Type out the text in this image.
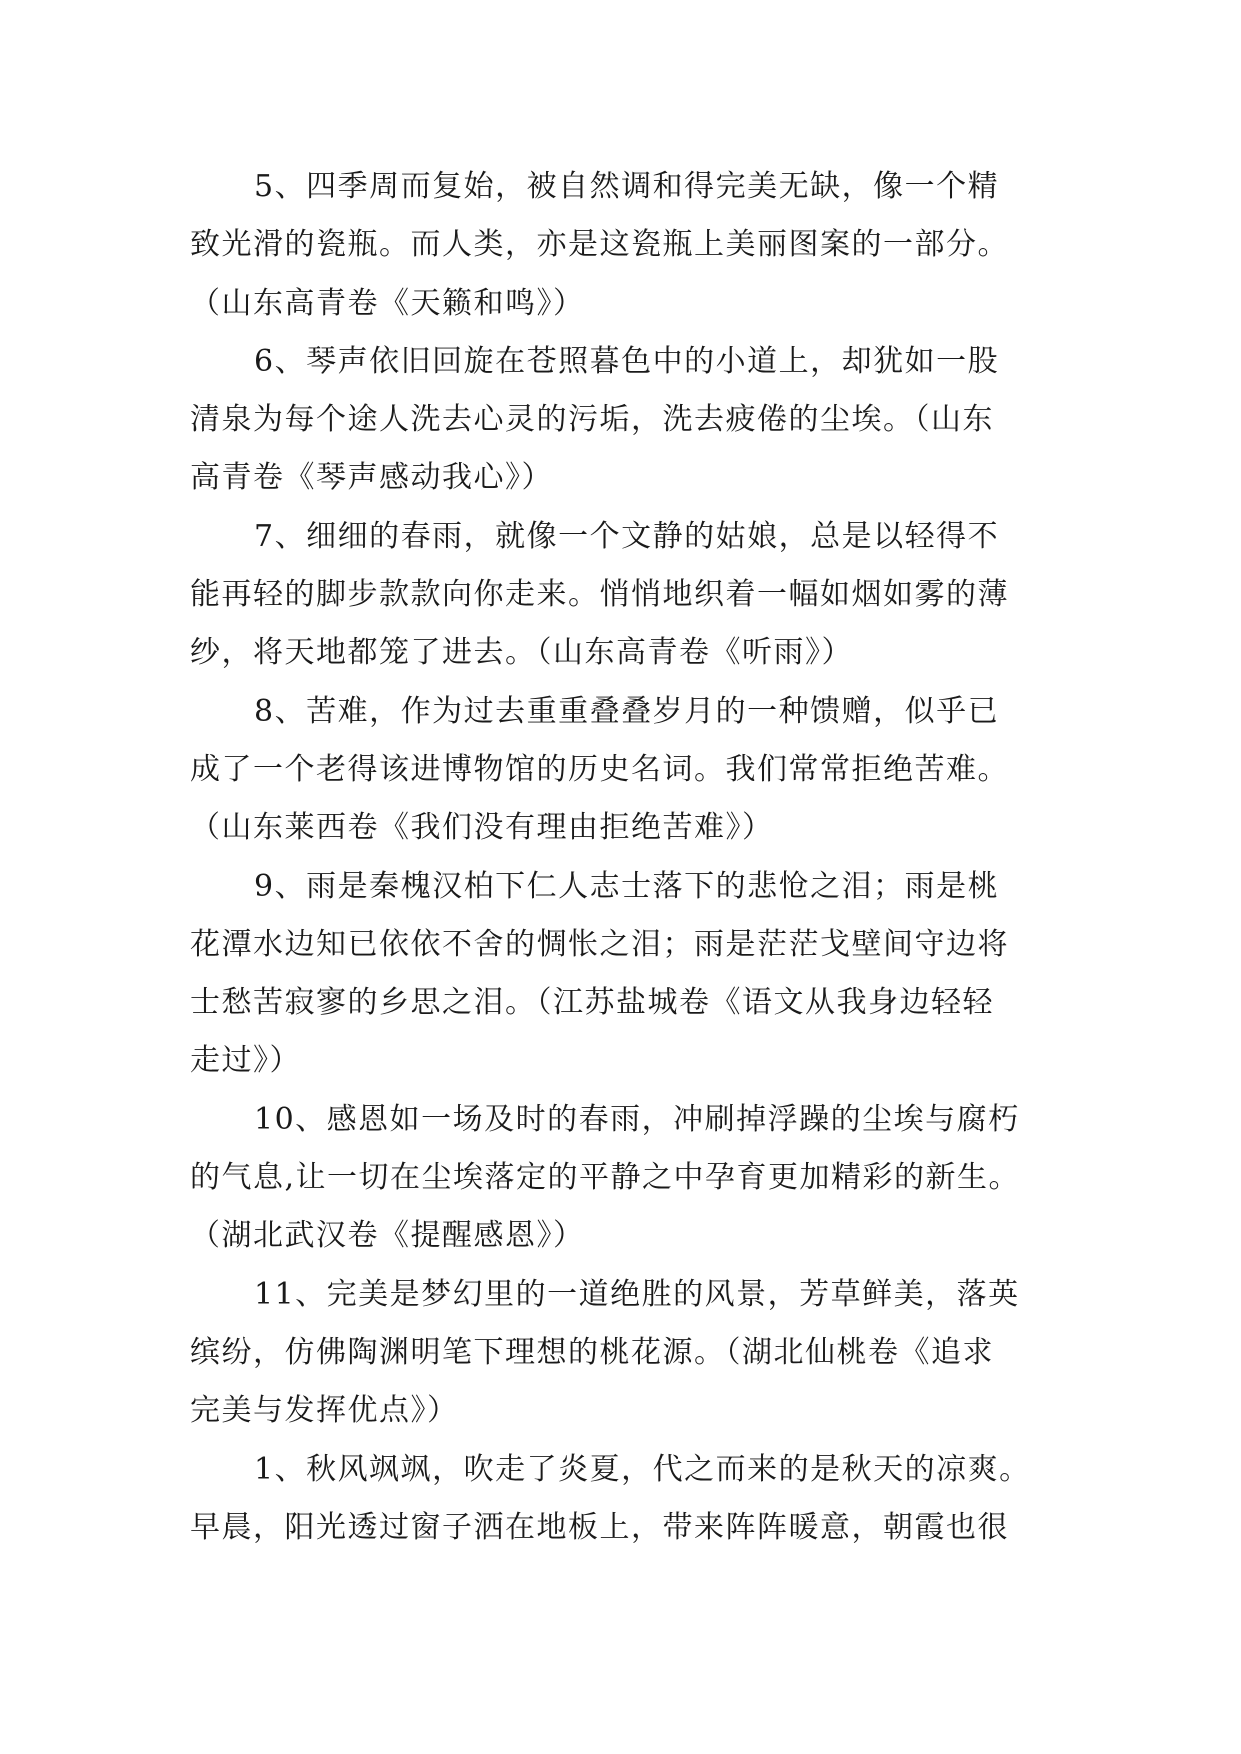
5、四季周而复始，被自然调和得完美无缺，像一个精
致光滑的瓷瓶。而人类，亦是这瓷瓶上美丽图案的一部分。
（山东高青卷《天籁和鸣》）

6、琴声依旧回旋在苍照暮色中的小道上，却犹如一股
清泉为每个途人洗去心灵的污垢，洗去疲倦的尘埃。（山东
高青卷《琴声感动我心》）

7、细细的春雨，就像一个文静的姑娘，总是以轻得不
能再轻的脚步款款向你走来。悄悄地织着一幅如烟如雾的薄
纱，将天地都笼了进去。（山东高青卷《听雨》）

8、苦难，作为过去重重叠叠岁月的一种馈赠，似乎已
成了一个老得该进博物馆的历史名词。我们常常拒绝苦难。
（山东莱西卷《我们没有理由拒绝苦难》）

9、雨是秦槐汉柏下仁人志士落下的悲怆之泪；雨是桃
花潭水边知已依依不舍的惆怅之泪；雨是茫茫戈壁间守边将
士愁苦寂寥的乡思之泪。（江苏盐城卷《语文从我身边轻轻
走过》）

10、感恩如一场及时的春雨，冲刷掉浮躁的尘埃与腐朽
的气息,让一切在尘埃落定的平静之中孕育更加精彩的新生。
（湖北武汉卷《提醒感恩》）

11、完美是梦幻里的一道绝胜的风景，芳草鲜美，落英
缤纷，仿佛陶渊明笔下理想的桃花源。（湖北仙桃卷《追求
完美与发挥优点》）

1、秋风飒飒，吹走了炎夏，代之而来的是秋天的凉爽。
早晨，阳光透过窗子洒在地板上，带来阵阵暖意，朝霞也很
